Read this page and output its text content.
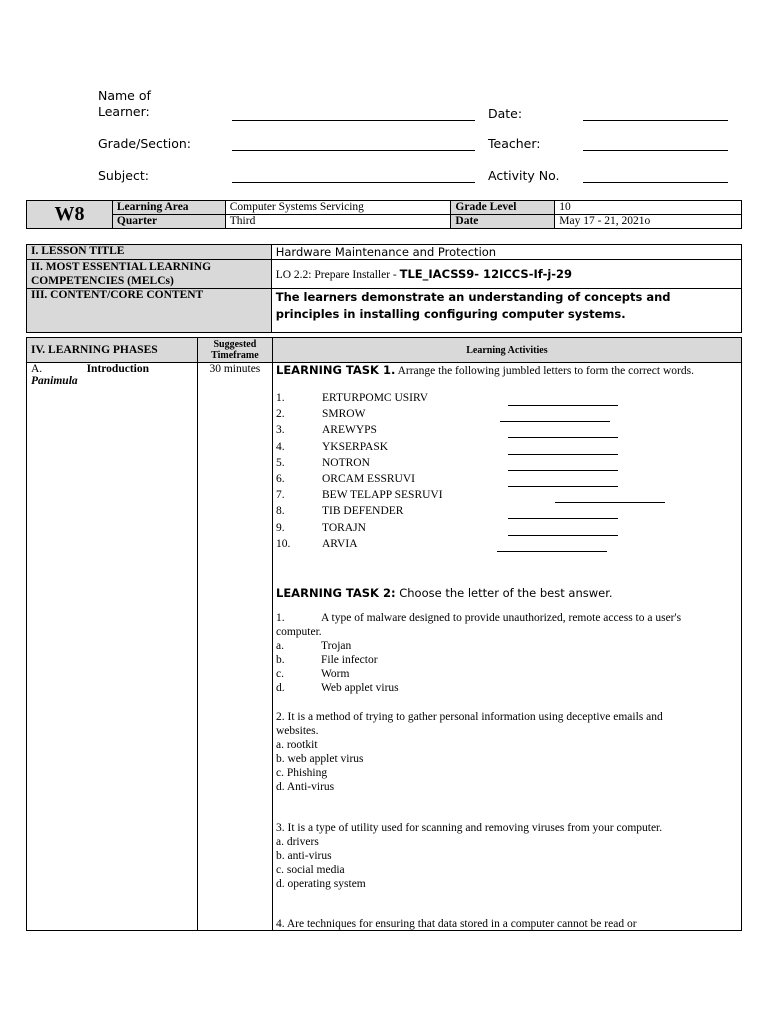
Name of
Learner:	Date:
Grade/Section:	Teacher:
Subject:	Activity No.
W8	Learning Area	Computer Systems Servicing	Grade Level	10
	Quarter	Third	Date	May 17 - 21, 2021o
I. LESSON TITLE	Hardware Maintenance and Protection
II. MOST ESSENTIAL LEARNING COMPETENCIES (MELCs)	LO 2.2: Prepare Installer - TLE_IACSS9- 12ICCS-If-j-29
III. CONTENT/CORE CONTENT	The learners demonstrate an understanding of concepts and principles in installing configuring computer systems.
IV. LEARNING PHASES	Suggested Timeframe	Learning Activities

A. Introduction
Panimula	30 minutes	LEARNING TASK 1. Arrange the following jumbled letters to form the correct words.
1.	ERTURPOMC USIRV
2.	SMROW
3.	AREWYPS
4.	YKSERPASK
5.	NOTRON
6.	ORCAM ESSRUVI
7.	BEW TELAPP SESRUVI
8.	TIB DEFENDER
9.	TORAJN
10.	ARVIA
LEARNING TASK 2: Choose the letter of the best answer.
1.	A type of malware designed to provide unauthorized, remote access to a user's
computer.
a.	Trojan
b.	File infector
c.	Worm
d.	Web applet virus
2. It is a method of trying to gather personal information using deceptive emails and
websites.
a. rootkit
b. web applet virus
c. Phishing
d. Anti-virus
3. It is a type of utility used for scanning and removing viruses from your computer.
a. drivers
b. anti-virus
c. social media
d. operating system
4. Are techniques for ensuring that data stored in a computer cannot be read or
